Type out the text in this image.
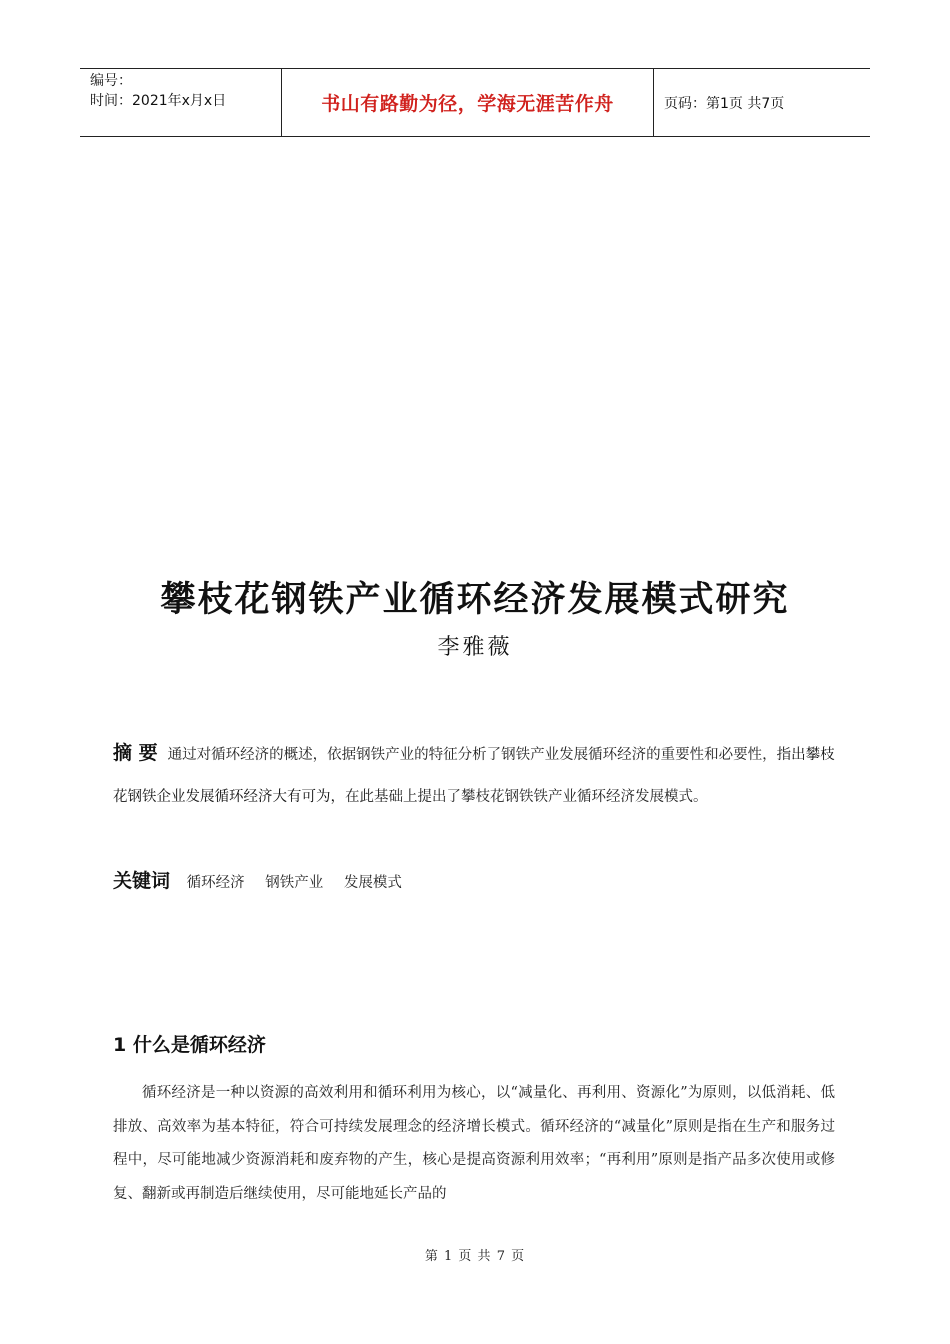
编号：
时间：2021年x月x日	书山有路勤为径，学海无涯苦作舟	页码：第1页 共7页
攀枝花钢铁产业循环经济发展模式研究
李雅薇
摘 要 通过对循环经济的概述，依据钢铁产业的特征分析了钢铁产业发展循环经济的重要性和必要性，指出攀枝花钢铁企业发展循环经济大有可为，在此基础上提出了攀枝花钢铁铁产业循环经济发展模式。
关键词 循环经济 钢铁产业 发展模式
1 什么是循环经济
循环经济是一种以资源的高效利用和循环利用为核心，以“减量化、再利用、资源化”为原则，以低消耗、低排放、高效率为基本特征，符合可持续发展理念的经济增长模式。循环经济的“减量化”原则是指在生产和服务过程中，尽可能地减少资源消耗和废弃物的产生，核心是提高资源利用效率；“再利用”原则是指产品多次使用或修复、翻新或再制造后继续使用，尽可能地延长产品的
第 1 页 共 7 页
